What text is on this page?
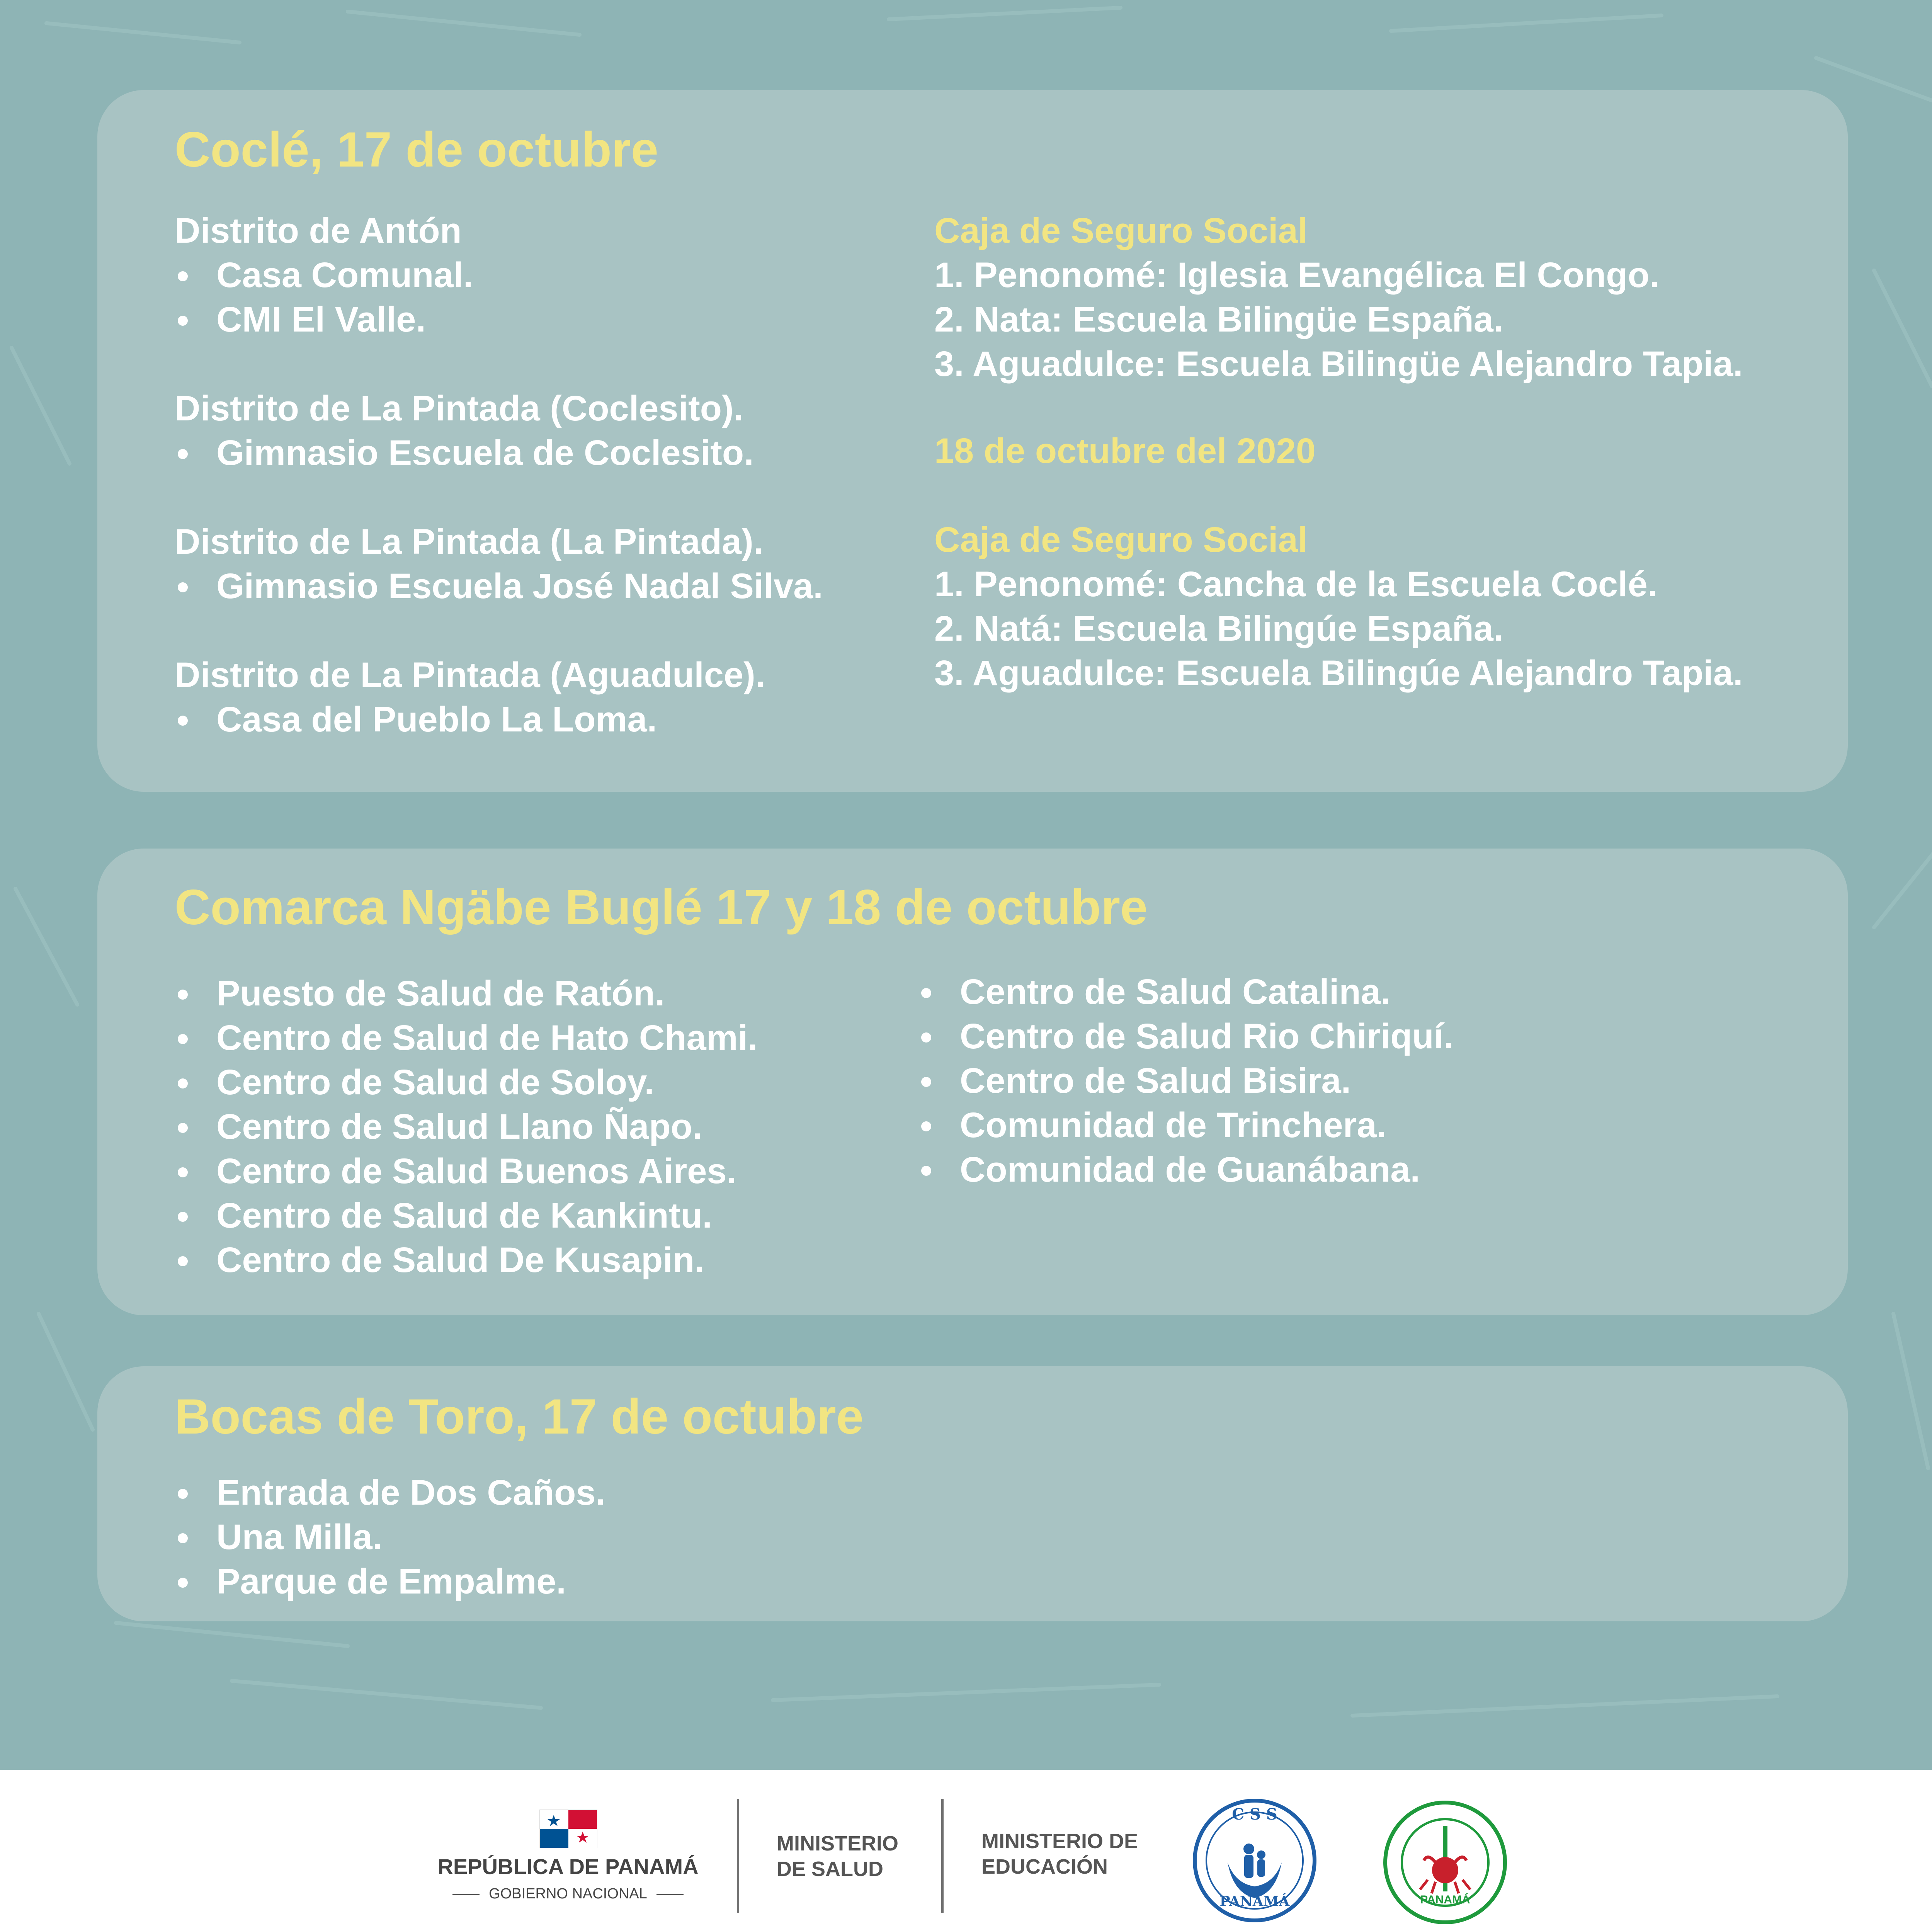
Coclé, 17 de octubre
Distrito de Antón
Casa Comunal.
CMI El Valle.
Distrito de La Pintada (Coclesito).
Gimnasio Escuela de Coclesito.
Distrito de La Pintada (La Pintada).
Gimnasio Escuela José Nadal Silva.
Distrito de La Pintada (Aguadulce).
Casa del Pueblo La Loma.
Caja de Seguro Social
1. Penonomé: Iglesia Evangélica El Congo.
2. Nata: Escuela Bilingüe España.
3. Aguadulce: Escuela Bilingüe Alejandro Tapia.
18 de octubre del 2020
Caja de Seguro Social
1. Penonomé: Cancha de la Escuela Coclé.
2. Natá: Escuela Bilingúe España.
3. Aguadulce: Escuela Bilingúe Alejandro Tapia.
Comarca Ngäbe Buglé 17 y 18 de octubre
Puesto de Salud de Ratón.
Centro de Salud de Hato Chami.
Centro de Salud de Soloy.
Centro de Salud Llano Ñapo.
Centro de Salud Buenos Aires.
Centro de Salud de Kankintu.
Centro de Salud De Kusapin.
Centro de Salud Catalina.
Centro de Salud Rio Chiriquí.
Centro de Salud Bisira.
Comunidad de Trinchera.
Comunidad de Guanábana.
Bocas de Toro, 17 de octubre
Entrada de Dos Caños.
Una Milla.
Parque de Empalme.
REPÚBLICA DE PANAMÁ
GOBIERNO NACIONAL
MINISTERIO
DE SALUD
MINISTERIO DE
EDUCACIÓN
C S S
PANAMÁ	PANAMÁ
